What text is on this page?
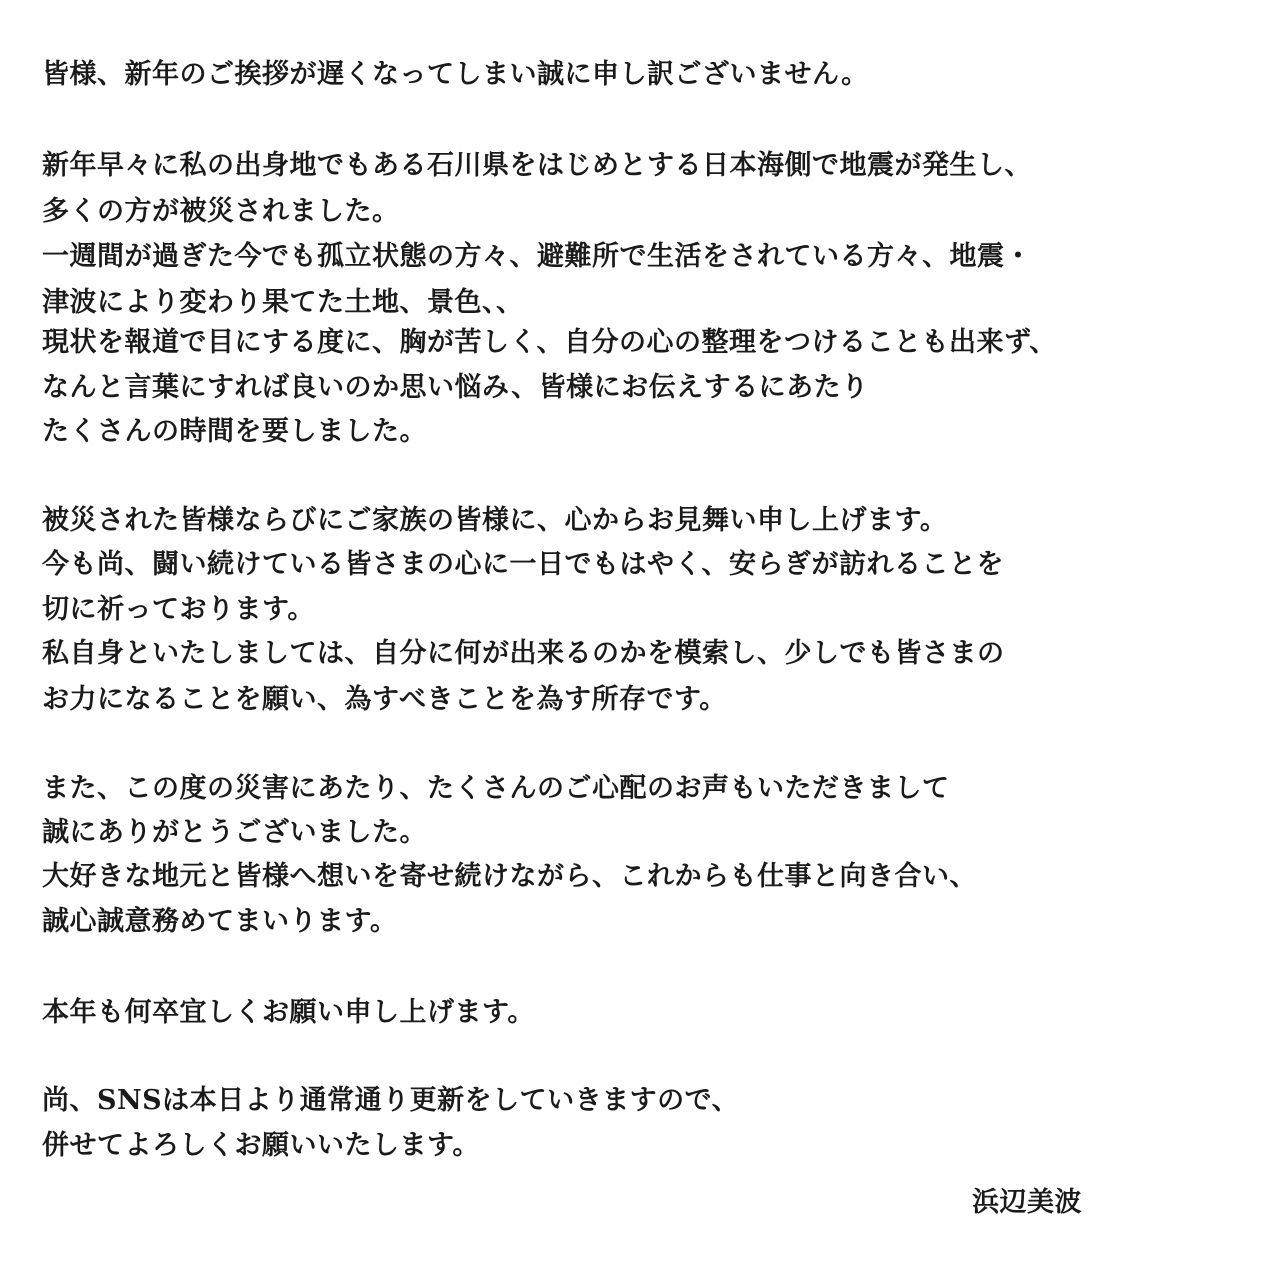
皆様、新年のご挨拶が遅くなってしまい誠に申し訳ございません。
新年早々に私の出身地でもある石川県をはじめとする日本海側で地震が発生し、
多くの方が被災されました。
一週間が過ぎた今でも孤立状態の方々、避難所で生活をされている方々、地震・
津波により変わり果てた土地、景色、、
現状を報道で目にする度に、胸が苦しく、自分の心の整理をつけることも出来ず、
なんと言葉にすれば良いのか思い悩み、皆様にお伝えするにあたり
たくさんの時間を要しました。
被災された皆様ならびにご家族の皆様に、心からお見舞い申し上げます。
今も尚、闘い続けている皆さまの心に一日でもはやく、安らぎが訪れることを
切に祈っております。
私自身といたしましては、自分に何が出来るのかを模索し、少しでも皆さまの
お力になることを願い、為すべきことを為す所存です。
また、この度の災害にあたり、たくさんのご心配のお声もいただきまして
誠にありがとうございました。
大好きな地元と皆様へ想いを寄せ続けながら、これからも仕事と向き合い、
誠心誠意務めてまいります。
本年も何卒宜しくお願い申し上げます。
尚、SNSは本日より通常通り更新をしていきますので、
併せてよろしくお願いいたします。
浜辺美波
